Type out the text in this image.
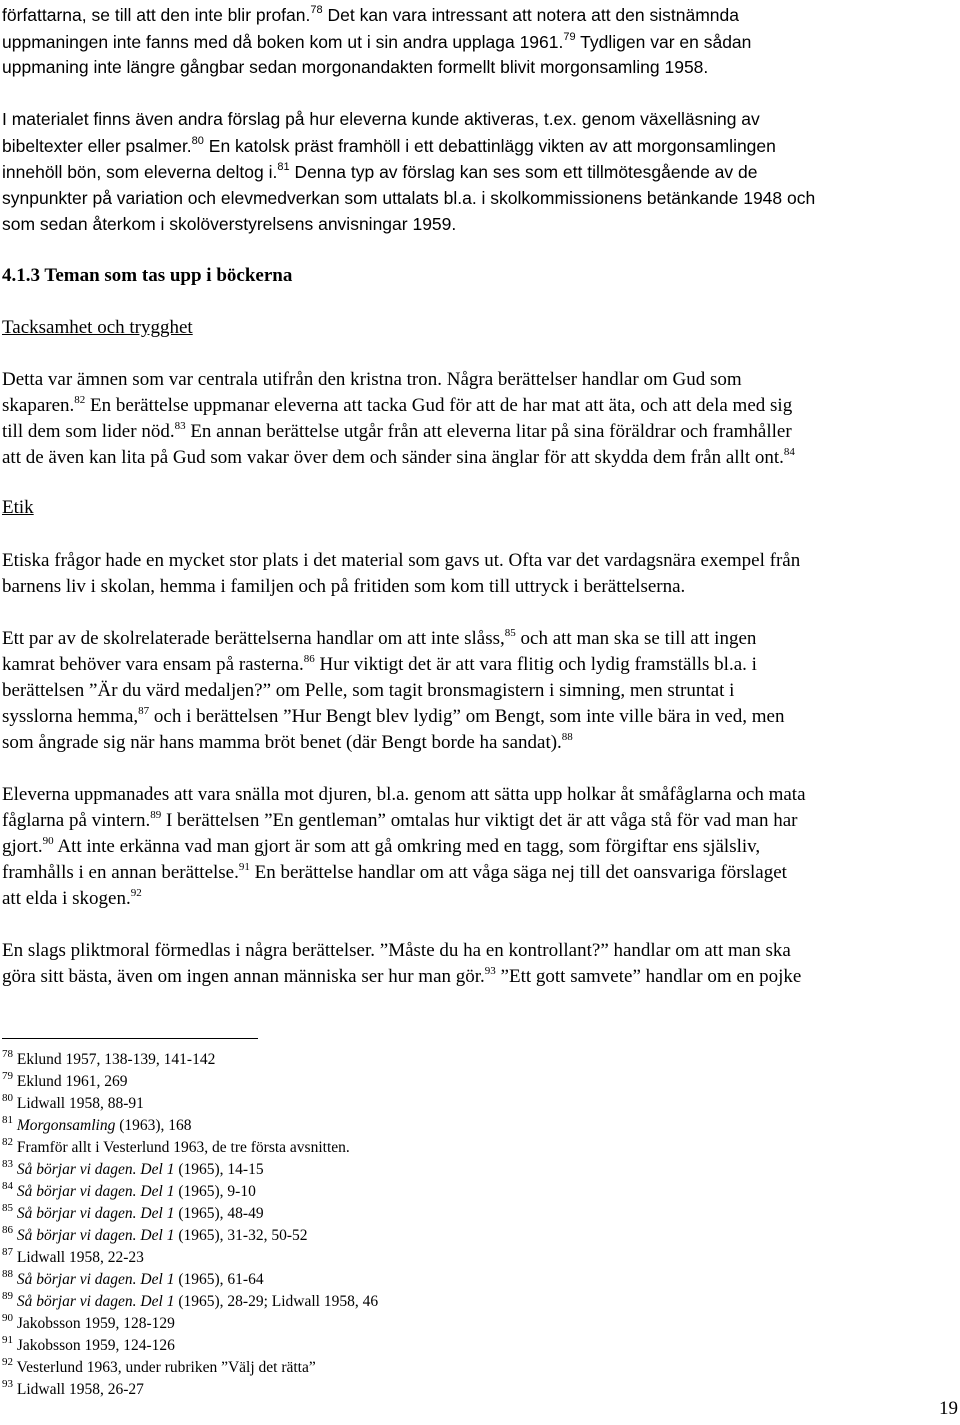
författarna, se till att den inte blir profan.$^{78}$ Det kan vara intressant att notera att den sistnämnda

uppmaningen inte fanns med då boken kom ut i sin andra upplaga 1961.79 Tydligen var en sådan

uppmaning inte längre gångbar sedan morgonandakten formellt blivit morgonsamling 1958.

I materialet finns även andra förslag på hur eleverna kunde aktiveras, t.ex. genom växelläsning av

bibeltexter eller psalmer.$^{80}$ En katolsk präst framhöll i ett debattinlägg vikten av att morgonsamlingen

innehöll bön, som eleverna deltog i.$^{81}$ Denna typ av förslag kan ses som ett tillmötesgående av de

synpunkter på variation och elevmedverkan som uttalats bl.a. i skolkommissionens betänkande 1948 och

som sedan återkom i skolöverstyrelsens anvisningar 1959.

4.1.3 Teman som tas upp i böckerna

Tacksamhet och trygghet

Detta var ämnen som var centrala utifrån den kristna tron. Några berättelser handlar om Gud som

skaparen.$^{82}$ En berättelse uppmanar eleverna att tacka Gud för att de har mat att äta, och att dela med sig

till dem som lider nöd.$^{83}$ En annan berättelse utgår från att eleverna litar på sina föräldrar och framhåller

att de även kan lita på Gud som vakar över dem och sänder sina änglar för att skydda dem från allt ont.$^{84}$

Etik

Etiska frågor hade en mycket stor plats i det material som gavs ut. Ofta var det vardagsnära exempel från

barnens liv i skolan, hemma i familjen och på fritiden som kom till uttryck i berättelserna.

Ett par av de skolrelaterade berättelserna handlar om att inte slåss,$^{85}$ och att man ska se till att ingen

kamrat behöver vara ensam på rasterna.$^{86}$ Hur viktigt det är att vara flitig och lydig framställs bl.a. i

berättelsen ”Är du värd medaljen?” om Pelle, som tagit bronsmagistern i simning, men struntat i

sysslorna hemma,$^{87}$ och i berättelsen ”Hur Bengt blev lydig” om Bengt, som inte ville bära in ved, men

som ångrade sig när hans mamma bröt benet (där Bengt borde ha sandat).$^{88}$

Eleverna uppmanades att vara snälla mot djuren, bl.a. genom att sätta upp holkar åt småfåglarna och mata

fåglarna på vintern.$^{89}$ I berättelsen ”En gentleman” omtalas hur viktigt det är att våga stå för vad man har

gjort.$^{90}$ Att inte erkänna vad man gjort är som att gå omkring med en tagg, som förgiftar ens själsliv,

framhålls i en annan berättelse.$^{91}$ En berättelse handlar om att våga säga nej till det oansvariga förslaget

att elda i skogen.$^{92}$

En slags pliktmoral förmedlas i några berättelser. ”Måste du ha en kontrollant?” handlar om att man ska

göra sitt bästa, även om ingen annan människa ser hur man gör.$^{93}$ ”Ett gott samvete” handlar om en pojke

$^{78}$ Eklund 1957, 138-139, 141-142

$^{79}$ Eklund 1961, 269

$^{80}$ Lidwall 1958, 88-91

$^{81}$ Morgonsamling (1963), 168

$^{82}$ Framför allt i Vesterlund 1963, de tre första avsnitten.

$^{83}$ Så börjar vi dagen. Del 1 (1965), 14-15

$^{84}$ Så börjar vi dagen. Del 1 (1965), 9-10

$^{85}$ Så börjar vi dagen. Del 1 (1965), 48-49

$^{86}$ Så börjar vi dagen. Del 1 (1965), 31-32, 50-52

$^{87}$ Lidwall 1958, 22-23

$^{88}$ Så börjar vi dagen. Del 1 (1965), 61-64

$^{89}$ Så börjar vi dagen. Del 1 (1965), 28-29; Lidwall 1958, 46

$^{90}$ Jakobsson 1959, 128-129

$^{91}$ Jakobsson 1959, 124-126

$^{92}$ Vesterlund 1963, under rubriken ”Välj det rätta”

$^{93}$ Lidwall 1958, 26-27

19
